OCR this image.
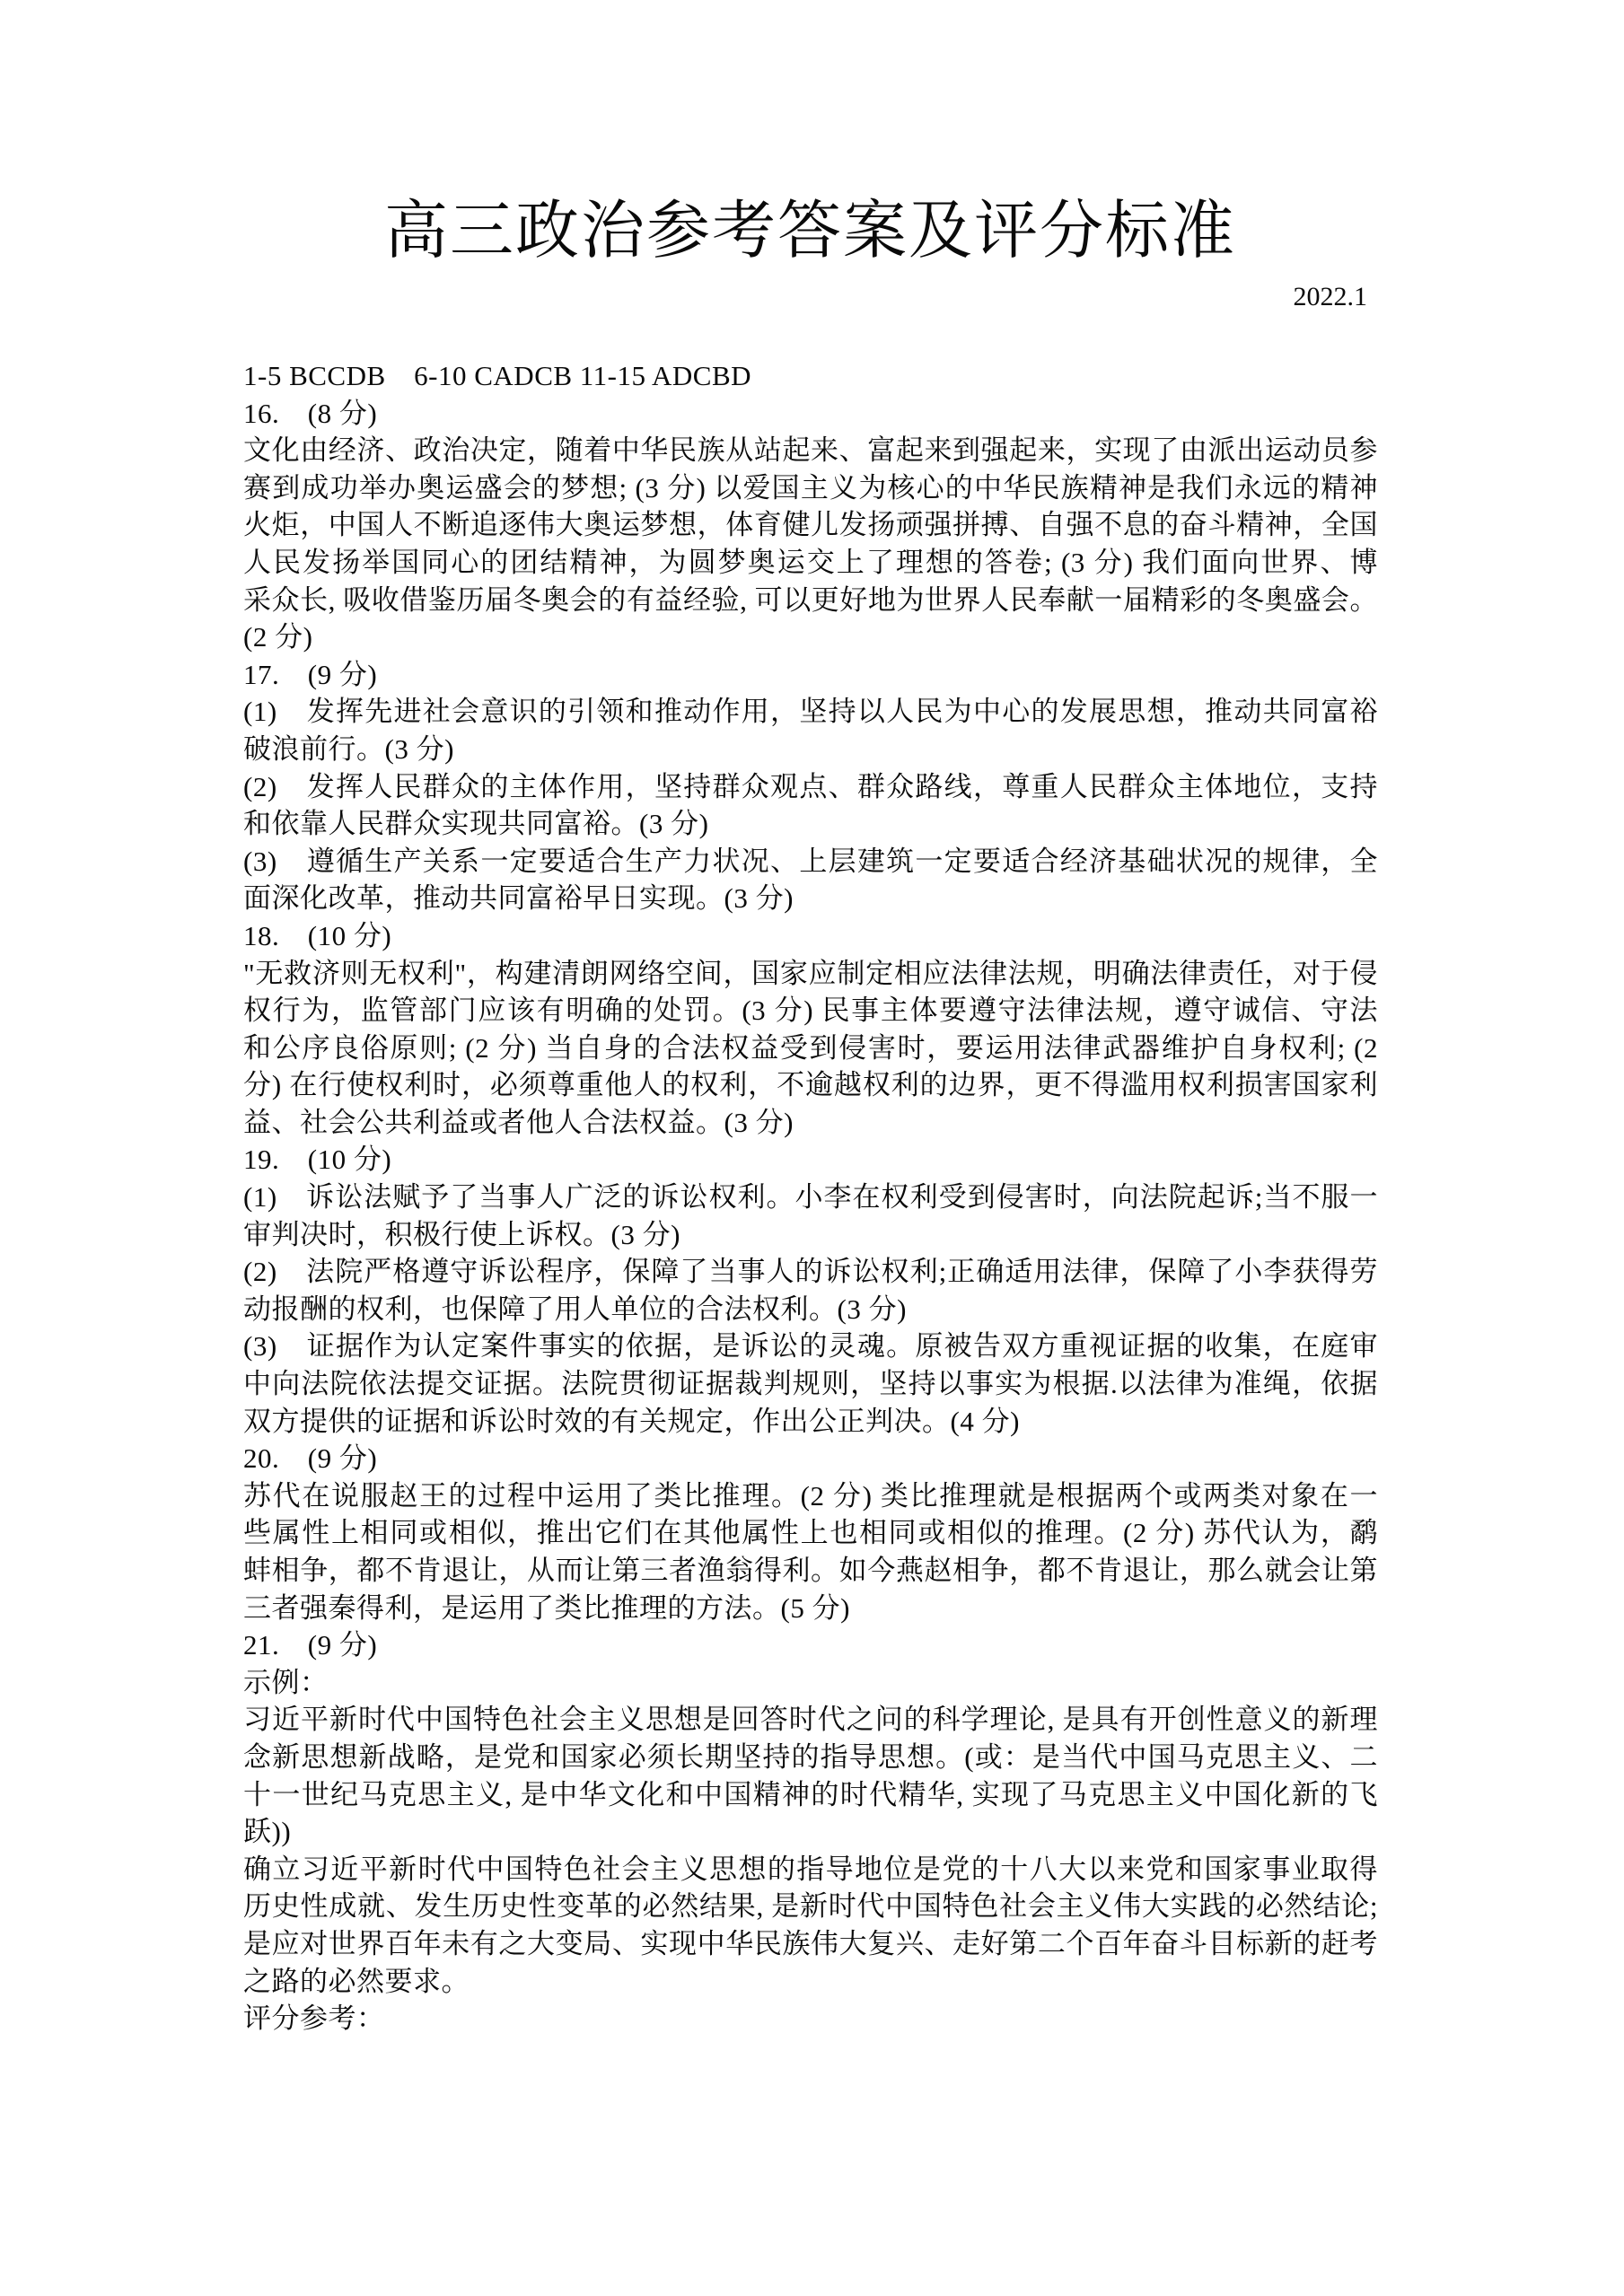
高三政治参考答案及评分标准
2022.1
1-5 BCCDB　6-10 CADCB 11-15 ADCBD
16.　(8 分)
文化由经济、政治决定，随着中华民族从站起来、富起来到强起来，实现了由派出运动员参
赛到成功举办奥运盛会的梦想; (3 分) 以爱国主义为核心的中华民族精神是我们永远的精神
火炬，中国人不断追逐伟大奥运梦想，体育健儿发扬顽强拼搏、自强不息的奋斗精神，全国
人民发扬举国同心的团结精神，为圆梦奥运交上了理想的答卷; (3 分) 我们面向世界、博
采众长, 吸收借鉴历届冬奥会的有益经验, 可以更好地为世界人民奉献一届精彩的冬奥盛会。
(2 分)
17.　(9 分)
(1)　发挥先进社会意识的引领和推动作用，坚持以人民为中心的发展思想，推动共同富裕
破浪前行。(3 分)
(2)　发挥人民群众的主体作用，坚持群众观点、群众路线，尊重人民群众主体地位，支持
和依靠人民群众实现共同富裕。(3 分)
(3)　遵循生产关系一定要适合生产力状况、上层建筑一定要适合经济基础状况的规律，全
面深化改革，推动共同富裕早日实现。(3 分)
18.　(10 分)
"无救济则无权利"，构建清朗网络空间，国家应制定相应法律法规，明确法律责任，对于侵
权行为，监管部门应该有明确的处罚。(3 分) 民事主体要遵守法律法规，遵守诚信、守法
和公序良俗原则; (2 分) 当自身的合法权益受到侵害时，要运用法律武器维护自身权利; (2
分) 在行使权利时，必须尊重他人的权利，不逾越权利的边界，更不得滥用权利损害国家利
益、社会公共利益或者他人合法权益。(3 分)
19.　(10 分)
(1)　诉讼法赋予了当事人广泛的诉讼权利。小李在权利受到侵害时，向法院起诉;当不服一
审判决时，积极行使上诉权。(3 分)
(2)　法院严格遵守诉讼程序，保障了当事人的诉讼权利;正确适用法律，保障了小李获得劳
动报酬的权利，也保障了用人单位的合法权利。(3 分)
(3)　证据作为认定案件事实的依据，是诉讼的灵魂。原被告双方重视证据的收集，在庭审
中向法院依法提交证据。法院贯彻证据裁判规则，坚持以事实为根据.以法律为准绳，依据
双方提供的证据和诉讼时效的有关规定，作出公正判决。(4 分)
20.　(9 分)
苏代在说服赵王的过程中运用了类比推理。(2 分) 类比推理就是根据两个或两类对象在一
些属性上相同或相似，推出它们在其他属性上也相同或相似的推理。(2 分) 苏代认为，鹬
蚌相争，都不肯退让，从而让第三者渔翁得利。如今燕赵相争，都不肯退让，那么就会让第
三者强秦得利，是运用了类比推理的方法。(5 分)
21.　(9 分)
示例：
习近平新时代中国特色社会主义思想是回答时代之问的科学理论, 是具有开创性意义的新理
念新思想新战略，是党和国家必须长期坚持的指导思想。(或：是当代中国马克思主义、二
十一世纪马克思主义, 是中华文化和中国精神的时代精华, 实现了马克思主义中国化新的飞
跃))
确立习近平新时代中国特色社会主义思想的指导地位是党的十八大以来党和国家事业取得
历史性成就、发生历史性变革的必然结果, 是新时代中国特色社会主义伟大实践的必然结论;
是应对世界百年未有之大变局、实现中华民族伟大复兴、走好第二个百年奋斗目标新的赶考
之路的必然要求。
评分参考：
